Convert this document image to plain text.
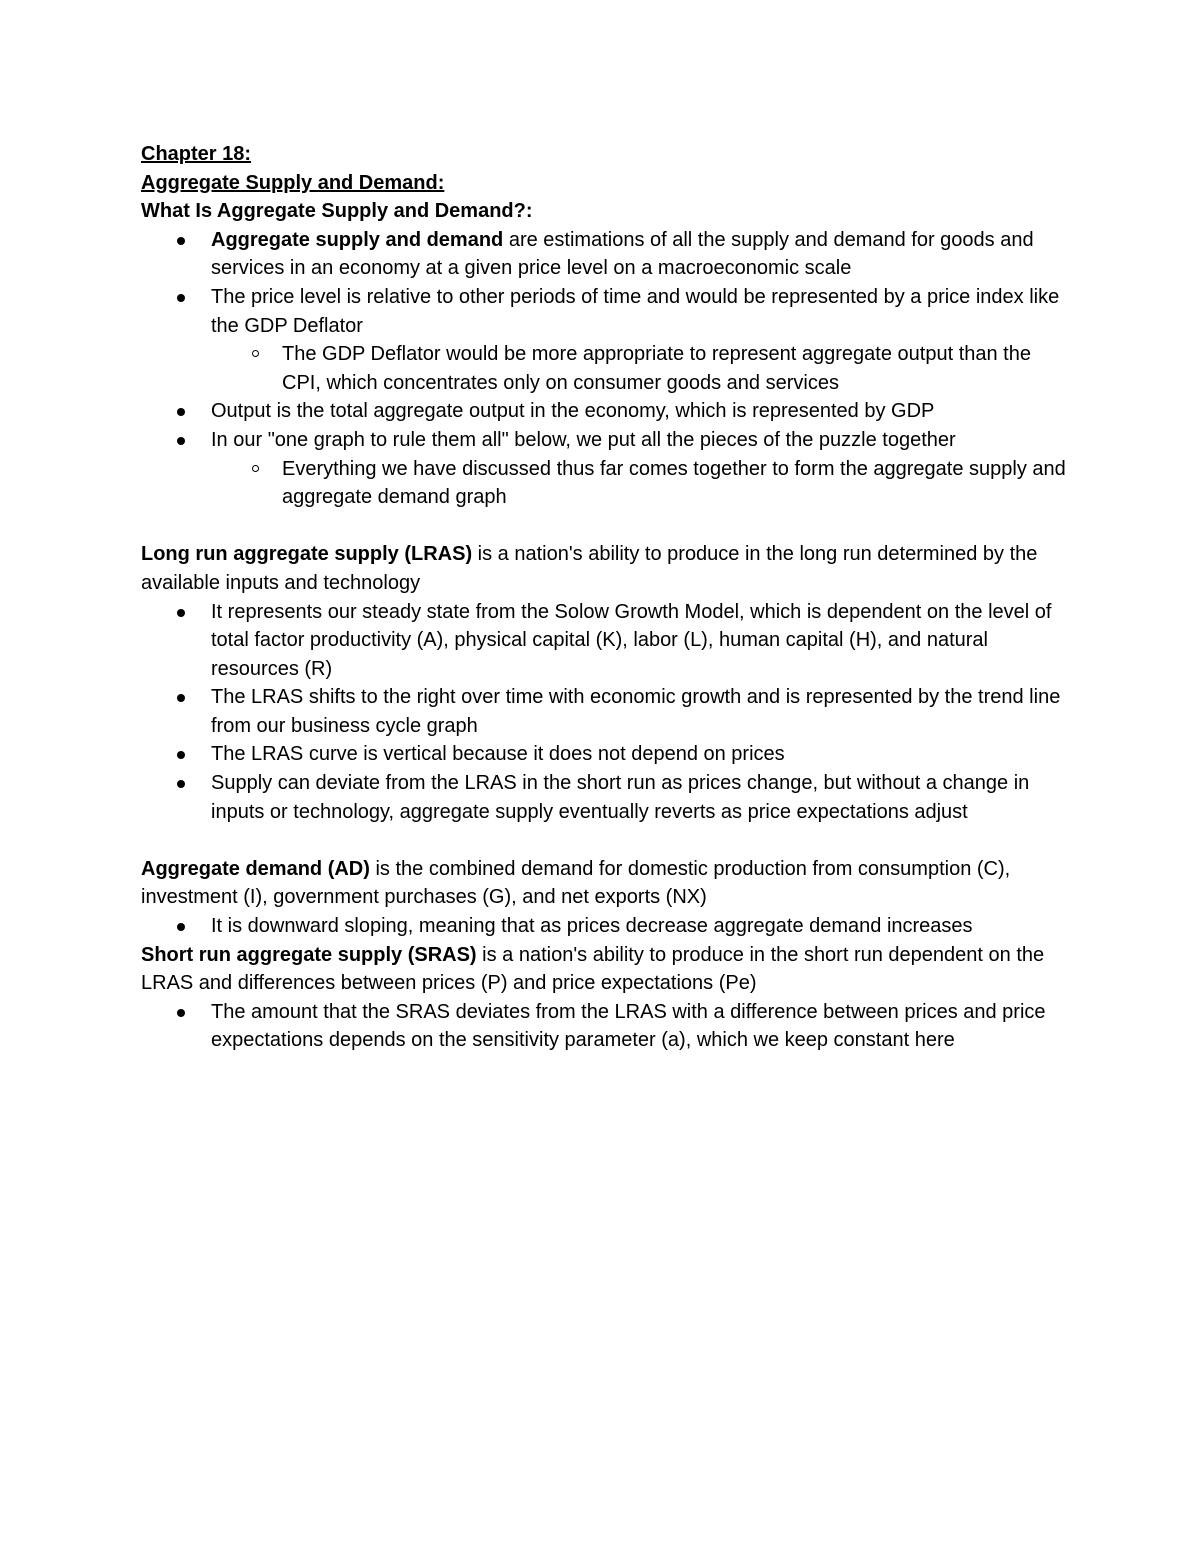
Chapter 18:

Aggregate Supply and Demand:

What Is Aggregate Supply and Demand?:

Aggregate supply and demand are estimations of all the supply and demand for goods and services in an economy at a given price level on a macroeconomic scale

The price level is relative to other periods of time and would be represented by a price index like the GDP Deflator

The GDP Deflator would be more appropriate to represent aggregate output than the CPI, which concentrates only on consumer goods and services

Output is the total aggregate output in the economy, which is represented by GDP

In our "one graph to rule them all" below, we put all the pieces of the puzzle together

Everything we have discussed thus far comes together to form the aggregate supply and aggregate demand graph

Long run aggregate supply (LRAS) is a nation's ability to produce in the long run determined by the available inputs and technology

It represents our steady state from the Solow Growth Model, which is dependent on the level of total factor productivity (A), physical capital (K), labor (L), human capital (H), and natural resources (R)

The LRAS shifts to the right over time with economic growth and is represented by the trend line from our business cycle graph

The LRAS curve is vertical because it does not depend on prices

Supply can deviate from the LRAS in the short run as prices change, but without a change in inputs or technology, aggregate supply eventually reverts as price expectations adjust

Aggregate demand (AD) is the combined demand for domestic production from consumption (C), investment (I), government purchases (G), and net exports (NX)

It is downward sloping, meaning that as prices decrease aggregate demand increases

Short run aggregate supply (SRAS) is a nation's ability to produce in the short run dependent on the LRAS and differences between prices (P) and price expectations (Pe)

The amount that the SRAS deviates from the LRAS with a difference between prices and price expectations depends on the sensitivity parameter (a), which we keep constant here
